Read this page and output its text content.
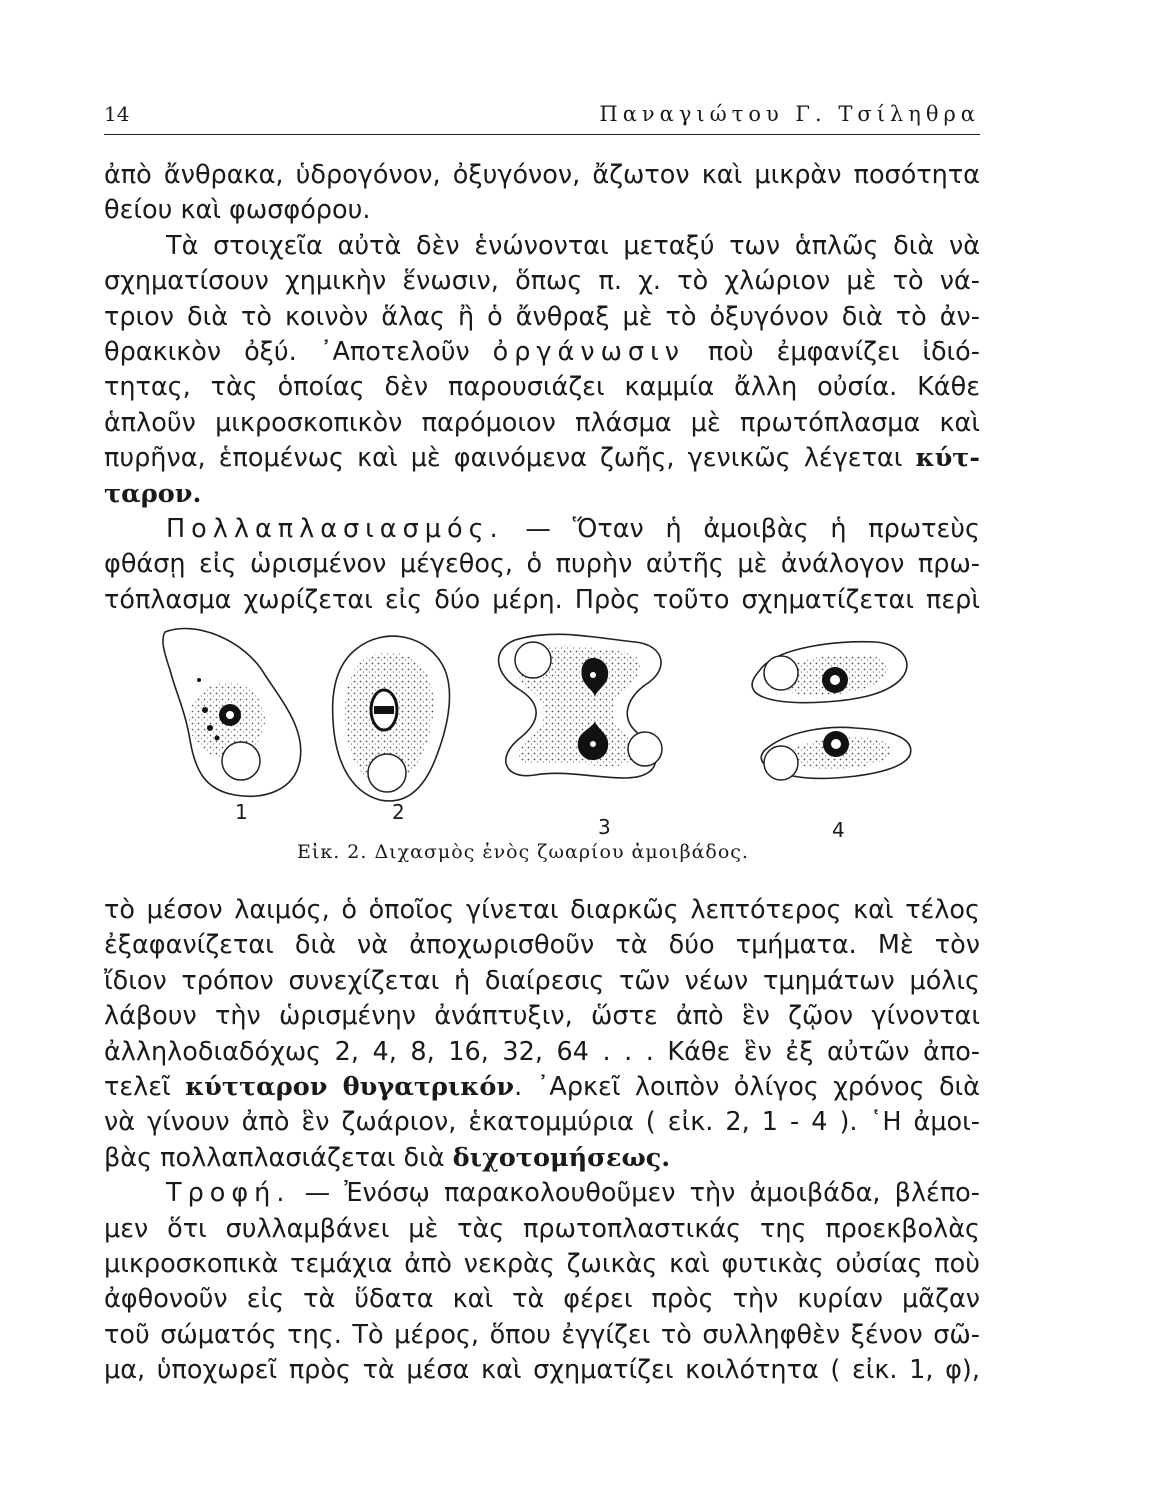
14	Παναγιώτου Γ. Τσίληθρα
ἀπὸ ἄνθρακα, ὑδρογόνον, ὀξυγόνον, ἄζωτον καὶ μικρὰν ποσότητα
θείου καὶ φωσφόρου.
Τὰ στοιχεῖα αὐτὰ δὲν ἑνώνονται μεταξύ των ἁπλῶς διὰ νὰ
σχηματίσουν χημικὴν ἕνωσιν, ὅπως π. χ. τὸ χλώριον μὲ τὸ νά-
τριον διὰ τὸ κοινὸν ἅλας ἢ ὁ ἄνθραξ μὲ τὸ ὀξυγόνον διὰ τὸ ἀν-
θρακικὸν ὀξύ. ᾿Αποτελοῦν ὀργάνωσιν ποὺ ἐμφανίζει ἰδιό-
τητας, τὰς ὁποίας δὲν παρουσιάζει καμμία ἄλλη οὐσία. Κάθε
ἁπλοῦν μικροσκοπικὸν παρόμοιον πλάσμα μὲ πρωτόπλασμα καὶ
πυρῆνα, ἑπομένως καὶ μὲ φαινόμενα ζωῆς, γενικῶς λέγεται κύτ-
ταρον.
Πολλαπλασιασμός. — Ὅταν ἡ ἀμοιβὰς ἡ πρωτεὺς
φθάσῃ εἰς ὡρισμένον μέγεθος, ὁ πυρὴν αὐτῆς μὲ ἀνάλογον πρω-
τόπλασμα χωρίζεται εἰς δύο μέρη. Πρὸς τοῦτο σχηματίζεται περὶ
1	2
3	4
Εἰκ. 2. Διχασμὸς ἑνὸς ζωαρίου ἀμοιβάδος.
τὸ μέσον λαιμός, ὁ ὁποῖος γίνεται διαρκῶς λεπτότερος καὶ τέλος
ἐξαφανίζεται διὰ νὰ ἀποχωρισθοῦν τὰ δύο τμήματα. Μὲ τὸν
ἴδιον τρόπον συνεχίζεται ἡ διαίρεσις τῶν νέων τμημάτων μόλις
λάβουν τὴν ὡρισμένην ἀνάπτυξιν, ὥστε ἀπὸ ἓν ζῷον γίνονται
ἀλληλοδιαδόχως 2, 4, 8, 16, 32, 64 . . . Κάθε ἓν ἐξ αὐτῶν ἀπο-
τελεῖ κύτταρον θυγατρικόν. ᾿Αρκεῖ λοιπὸν ὀλίγος χρόνος διὰ
νὰ γίνουν ἀπὸ ἓν ζωάριον, ἑκατομμύρια ( εἰκ. 2, 1 - 4 ). ῾Η ἀμοι-
βὰς πολλαπλασιάζεται διὰ διχοτομήσεως.
Τροφή. — Ἐνόσῳ παρακολουθοῦμεν τὴν ἀμοιβάδα, βλέπο-
μεν ὅτι συλλαμβάνει μὲ τὰς πρωτοπλαστικάς της προεκβολὰς
μικροσκοπικὰ τεμάχια ἀπὸ νεκρὰς ζωικὰς καὶ φυτικὰς οὐσίας ποὺ
ἀφθονοῦν εἰς τὰ ὕδατα καὶ τὰ φέρει πρὸς τὴν κυρίαν μᾶζαν
τοῦ σώματός της. Τὸ μέρος, ὅπου ἐγγίζει τὸ συλληφθὲν ξένον σῶ-
μα, ὑποχωρεῖ πρὸς τὰ μέσα καὶ σχηματίζει κοιλότητα ( εἰκ. 1, φ),
